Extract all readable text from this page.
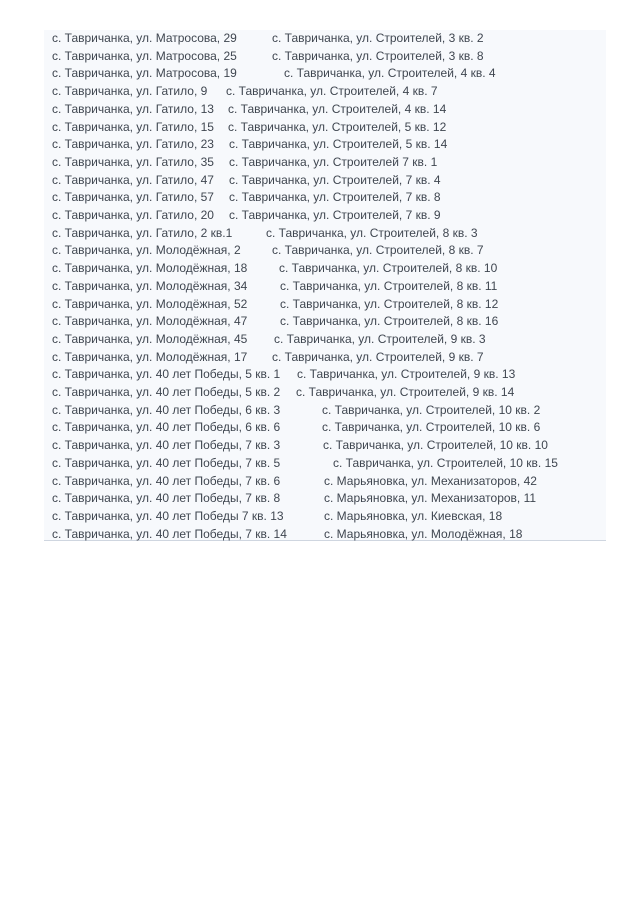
с. Тавричанка, ул. Матросова, 29	с. Тавричанка, ул. Строителей, 3 кв. 2
с. Тавричанка, ул. Матросова, 25	с. Тавричанка, ул. Строителей, 3 кв. 8
с. Тавричанка, ул. Матросова, 19	с. Тавричанка, ул. Строителей, 4 кв. 4
с. Тавричанка, ул. Гатило, 9 с. Тавричанка, ул. Строителей, 4 кв. 7
с. Тавричанка, ул. Гатило, 13 с. Тавричанка, ул. Строителей, 4 кв. 14
с. Тавричанка, ул. Гатило, 15 с. Тавричанка, ул. Строителей, 5 кв. 12
с. Тавричанка, ул. Гатило, 23 с. Тавричанка, ул. Строителей, 5 кв. 14
с. Тавричанка, ул. Гатило, 35 с. Тавричанка, ул. Строителей 7 кв. 1
с. Тавричанка, ул. Гатило, 47 с. Тавричанка, ул. Строителей, 7 кв. 4
с. Тавричанка, ул. Гатило, 57 с. Тавричанка, ул. Строителей, 7 кв. 8
с. Тавричанка, ул. Гатило, 20 с. Тавричанка, ул. Строителей, 7 кв. 9
с. Тавричанка, ул. Гатило, 2 кв.1	с. Тавричанка, ул. Строителей, 8 кв. 3
с. Тавричанка, ул. Молодёжная, 2	с. Тавричанка, ул. Строителей, 8 кв. 7
с. Тавричанка, ул. Молодёжная, 18	с. Тавричанка, ул. Строителей, 8 кв. 10
с. Тавричанка, ул. Молодёжная, 34	с. Тавричанка, ул. Строителей, 8 кв. 11
с. Тавричанка, ул. Молодёжная, 52	с. Тавричанка, ул. Строителей, 8 кв. 12
с. Тавричанка, ул. Молодёжная, 47	с. Тавричанка, ул. Строителей, 8 кв. 16
с. Тавричанка, ул. Молодёжная, 45 с. Тавричанка, ул. Строителей, 9 кв. 3
с. Тавричанка, ул. Молодёжная, 17 с. Тавричанка, ул. Строителей, 9 кв. 7
с. Тавричанка, ул. 40 лет Победы, 5 кв. 1 с. Тавричанка, ул. Строителей, 9 кв. 13
с. Тавричанка, ул. 40 лет Победы, 5 кв. 2 с. Тавричанка, ул. Строителей, 9 кв. 14
с. Тавричанка, ул. 40 лет Победы, 6 кв. 3	с. Тавричанка, ул. Строителей, 10 кв. 2
с. Тавричанка, ул. 40 лет Победы, 6 кв. 6	с. Тавричанка, ул. Строителей, 10 кв. 6
с. Тавричанка, ул. 40 лет Победы, 7 кв. 3	с. Тавричанка, ул. Строителей, 10 кв. 10
с. Тавричанка, ул. 40 лет Победы, 7 кв. 5	с. Тавричанка, ул. Строителей, 10 кв. 15
с. Тавричанка, ул. 40 лет Победы, 7 кв. 6	с. Марьяновка, ул. Механизаторов, 42
с. Тавричанка, ул. 40 лет Победы, 7 кв. 8	с. Марьяновка, ул. Механизаторов, 11
с. Тавричанка, ул. 40 лет Победы 7 кв. 13	с. Марьяновка, ул. Киевская, 18
с. Тавричанка, ул. 40 лет Победы, 7 кв. 14	с. Марьяновка, ул. Молодёжная, 18
